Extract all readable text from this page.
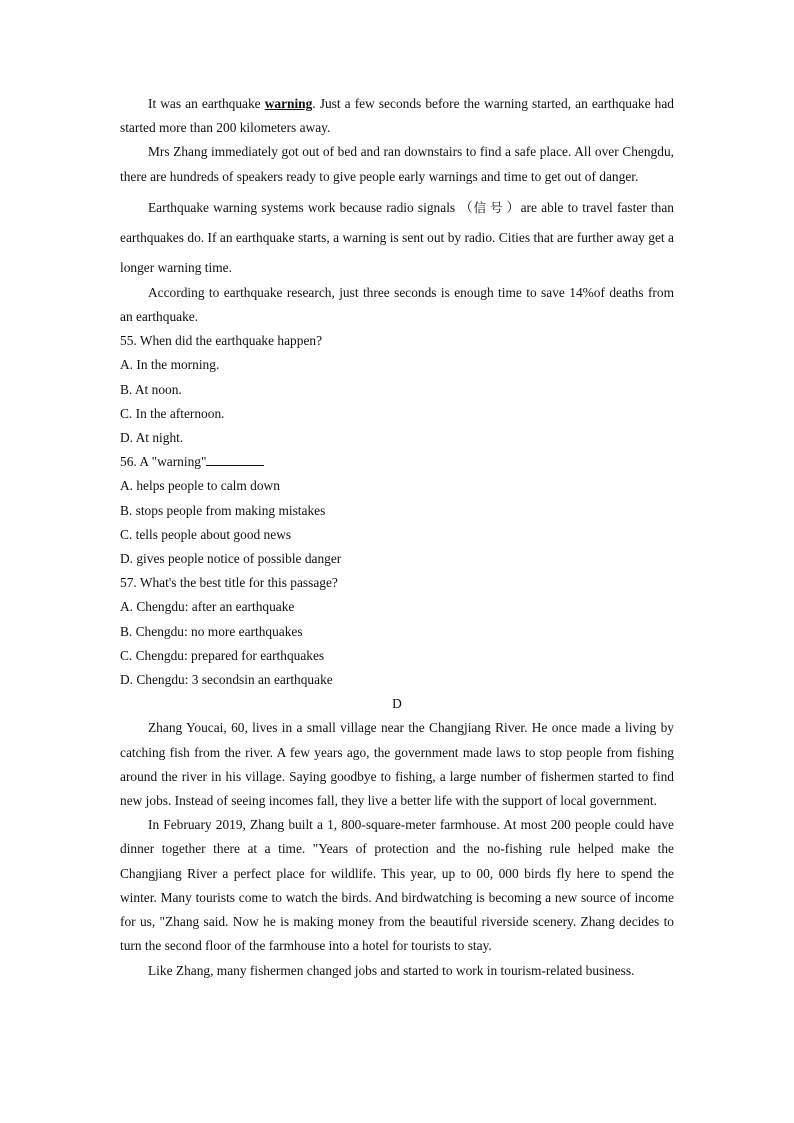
It was an earthquake warning. Just a few seconds before the warning started, an earthquake had started more than 200 kilometers away.

Mrs Zhang immediately got out of bed and ran downstairs to find a safe place. All over Chengdu, there are hundreds of speakers ready to give people early warnings and time to get out of danger.

Earthquake warning systems work because radio signals （信号）are able to travel faster than earthquakes do. If an earthquake starts, a warning is sent out by radio. Cities that are further away get a longer warning time.

According to earthquake research, just three seconds is enough time to save 14%of deaths from an earthquake.

55. When did the earthquake happen?

A. In the morning.

B. At noon.

C. In the afternoon.

D. At night.

56. A "warning"

A. helps people to calm down

B. stops people from making mistakes

C. tells people about good news

D. gives people notice of possible danger

57. What's the best title for this passage?

A. Chengdu: after an earthquake

B. Chengdu: no more earthquakes

C. Chengdu: prepared for earthquakes

D. Chengdu: 3 secondsin an earthquake

D

Zhang Youcai, 60, lives in a small village near the Changjiang River. He once made a living by catching fish from the river. A few years ago, the government made laws to stop people from fishing around the river in his village. Saying goodbye to fishing, a large number of fishermen started to find new jobs. Instead of seeing incomes fall, they live a better life with the support of local government.

In February 2019, Zhang built a 1, 800-square-meter farmhouse. At most 200 people could have dinner together there at a time. "Years of protection and the no-fishing rule helped make the Changjiang River a perfect place for wildlife. This year, up to 00, 000 birds fly here to spend the winter. Many tourists come to watch the birds. And birdwatching is becoming a new source of income for us, "Zhang said. Now he is making money from the beautiful riverside scenery. Zhang decides to turn the second floor of the farmhouse into a hotel for tourists to stay.

Like Zhang, many fishermen changed jobs and started to work in tourism-related business.
